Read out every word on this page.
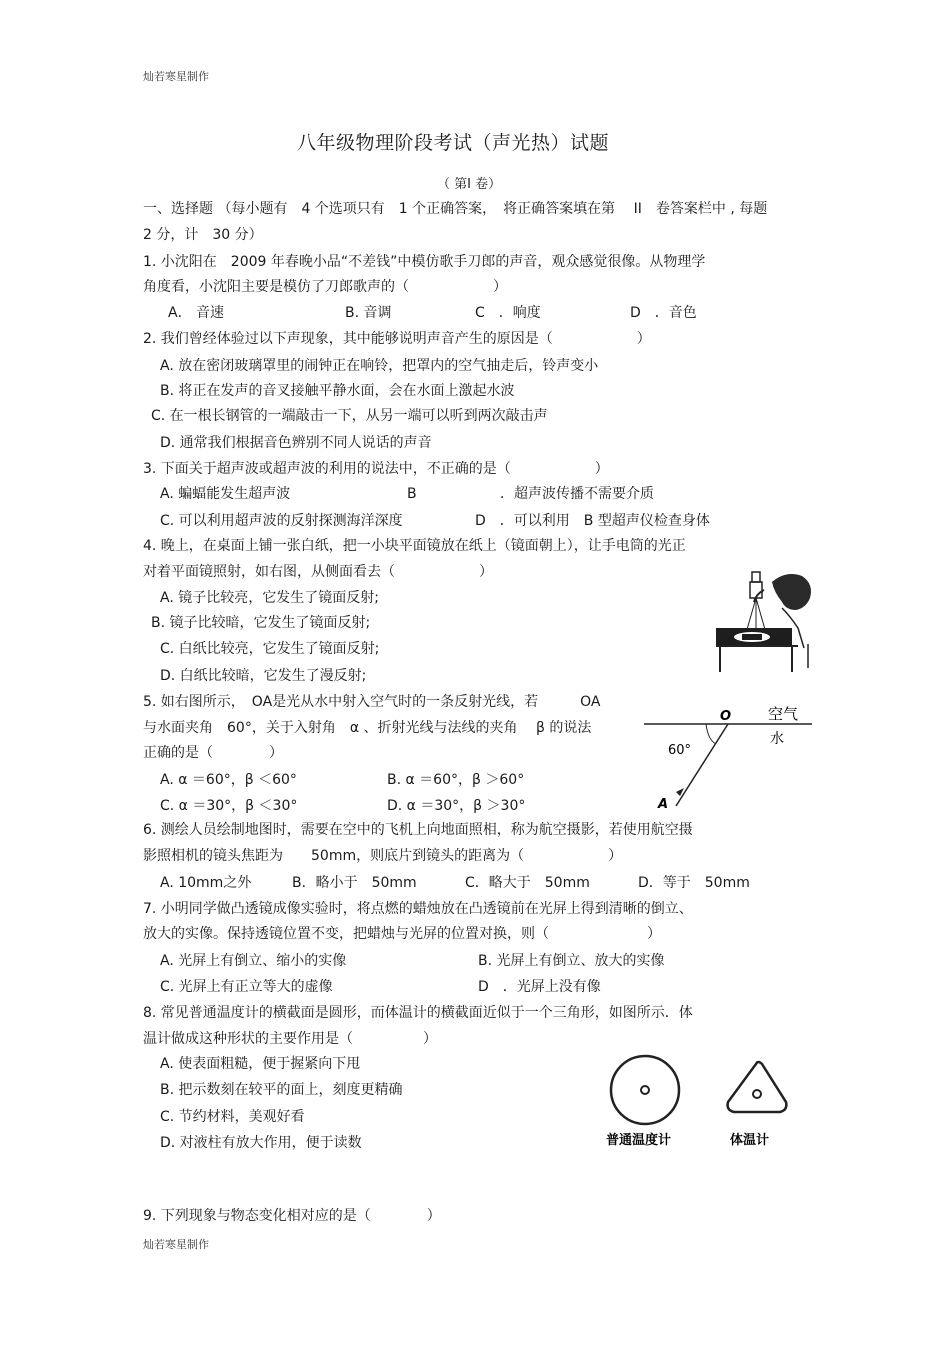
灿若寒星制作
八年级物理阶段考试（声光热）试题
（ 第Ⅰ 卷）
一、选择题 （每小题有　4 个选项只有　1 个正确答案，　将正确答案填在第　 II　卷答案栏中 , 每题
2 分，计　30 分）
1. 小沈阳在　2009 年春晚小品“不差钱”中模仿歌手刀郎的声音，观众感觉很像。从物理学
角度看，小沈阳主要是模仿了刀郎歌声的（　　　　　　）
A． 音速	B. 音调	C　．响度	D　．音色
2. 我们曾经体验过以下声现象，其中能够说明声音产生的原因是（　　　　　　）
A. 放在密闭玻璃罩里的闹钟正在响铃，把罩内的空气抽走后，铃声变小
B. 将正在发声的音叉接触平静水面，会在水面上激起水波
C. 在一根长钢管的一端敲击一下，从另一端可以听到两次敲击声
D. 通常我们根据音色辨别不同人说话的声音
3. 下面关于超声波或超声波的利用的说法中，不正确的是（　　　　　　）
A. 蝙蝠能发生超声波	B	．超声波传播不需要介质
C. 可以利用超声波的反射探测海洋深度	D　．可以利用　B 型超声仪检查身体
4. 晚上，在桌面上铺一张白纸，把一小块平面镜放在纸上（镜面朝上），让手电筒的光正
对着平面镜照射，如右图，从侧面看去（　　　　　　）
A. 镜子比较亮，它发生了镜面反射;
B. 镜子比较暗，它发生了镜面反射;
C. 白纸比较亮，它发生了镜面反射;
D. 白纸比较暗，它发生了漫反射;
5. 如右图所示，　OA是光从水中射入空气时的一条反射光线，若　　　OA
与水面夹角　60°，关于入射角　α 、折射光线与法线的夹角　 β 的说法
正确的是（　　　　）
A. α ＝60°，β ＜60°	B. α ＝60°，β ＞60°
C. α ＝30°，β ＜30°	D. α ＝30°，β ＞30°
O 空气
水
60°
A
6. 测绘人员绘制地图时，需要在空中的飞机上向地面照相，称为航空摄影，若使用航空摄
影照相机的镜头焦距为　　50mm，则底片到镜头的距离为（　　　　　　）
A. 10mm之外	B．略小于　50mm	C．略大于　50mm	D．等于　50mm
7. 小明同学做凸透镜成像实验时，将点燃的蜡烛放在凸透镜前在光屏上得到清晰的倒立、
放大的实像。保持透镜位置不变，把蜡烛与光屏的位置对换，则（　　　　　　　）
A. 光屏上有倒立、缩小的实像	B. 光屏上有倒立、放大的实像
C. 光屏上有正立等大的虚像	D　．光屏上没有像
8. 常见普通温度计的横截面是圆形，而体温计的横截面近似于一个三角形，如图所示．体
温计做成这种形状的主要作用是（　　　　　）
A. 使表面粗糙，便于握紧向下甩
B. 把示数刻在较平的面上，刻度更精确
C. 节约材料，美观好看
D. 对液柱有放大作用，便于读数	普通温度计	体温计
9. 下列现象与物态变化相对应的是（　　　　）
灿若寒星制作
